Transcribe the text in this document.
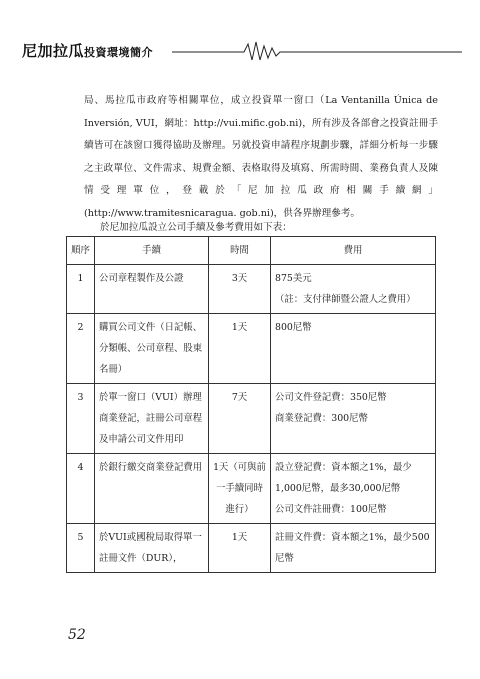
尼加拉瓜投資環境簡介

局、馬拉瓜市政府等相關單位，成立投資單一窗口（La Ventanilla Única de Inversión, VUI，網址：http://vui.mific.gob.ni)，所有涉及各部會之投資註冊手續皆可在該窗口獲得協助及辦理。另就投資申請程序規劃步驟，詳細分析每一步驟之主政單位、文件需求、規費金額、表格取得及填寫、所需時間、業務負責人及陳情受理單位，登載於「尼加拉瓜政府相關手續網」(http://www.tramitesnicaragua. gob.ni)，供各界辦理參考。

於尼加拉瓜設立公司手續及參考費用如下表：
順序	手續	時間	費用
1	公司章程製作及公證	3天	875美元
（註：支付律師暨公證人之費用）
2	購買公司文件（日記帳、分類帳、公司章程、股東名冊）	1天	800尼幣
3	於單一窗口（VUI）辦理商業登記，註冊公司章程及申請公司文件用印	7天	公司文件登記費：350尼幣
商業登記費：300尼幣
4	於銀行繳交商業登記費用	1天（可與前一手續同時進行）	設立登記費：資本額之1%，最少1,000尼幣，最多30,000尼幣
公司文件註冊費：100尼幣
5	於VUI或國稅局取得單一註冊文件（DUR），	1天	註冊文件費：資本額之1%，最少500尼幣
52
